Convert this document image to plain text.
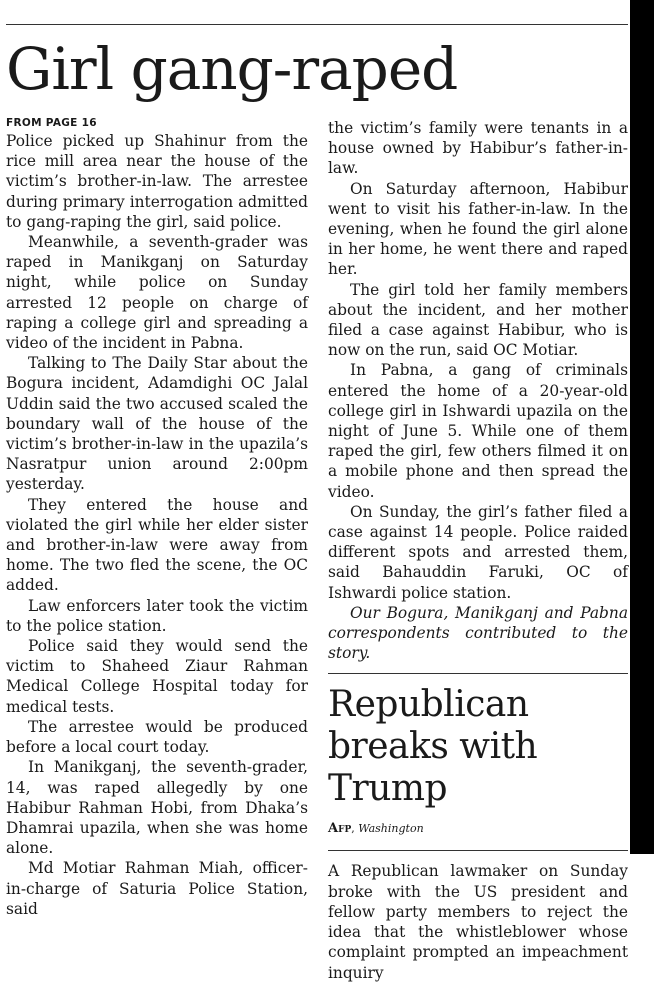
Girl gang-raped
FROM PAGE 16

Police picked up Shahinur from the rice mill area near the house of the victim’s brother-in-law. The arrestee during primary interrogation admitted to gang-raping the girl, said police.

Meanwhile, a seventh-grader was raped in Manikganj on Saturday night, while police on Sunday arrested 12 people on charge of raping a college girl and spreading a video of the incident in Pabna.

Talking to The Daily Star about the Bogura incident, Adamdighi OC Jalal Uddin said the two accused scaled the boundary wall of the house of the victim’s brother-in-law in the upazila’s Nasratpur union around 2:00pm yesterday.

They entered the house and violated the girl while her elder sister and brother-in-law were away from home. The two fled the scene, the OC added.

Law enforcers later took the victim to the police station.

Police said they would send the victim to Shaheed Ziaur Rahman Medical College Hospital today for medical tests.

The arrestee would be produced before a local court today.

In Manikganj, the seventh-grader, 14, was raped allegedly by one Habibur Rahman Hobi, from Dhaka’s Dhamrai upazila, when she was home alone.

Md Motiar Rahman Miah, officer-in-charge of Saturia Police Station, said

the victim’s family were tenants in a house owned by Habibur’s father-in-law.

On Saturday afternoon, Habibur went to visit his father-in-law. In the evening, when he found the girl alone in her home, he went there and raped her.

The girl told her family members about the incident, and her mother filed a case against Habibur, who is now on the run, said OC Motiar.

In Pabna, a gang of criminals entered the home of a 20-year-old college girl in Ishwardi upazila on the night of June 5. While one of them raped the girl, few others filmed it on a mobile phone and then spread the video.

On Sunday, the girl’s father filed a case against 14 people. Police raided different spots and arrested them, said Bahauddin Faruki, OC of Ishwardi police station.

Our Bogura, Manikganj and Pabna correspondents contributed to the story.

Republican breaks with Trump
Afp, Washington

A Republican lawmaker on Sunday broke with the US president and fellow party members to reject the idea that the whistleblower whose complaint prompted an impeachment inquiry
